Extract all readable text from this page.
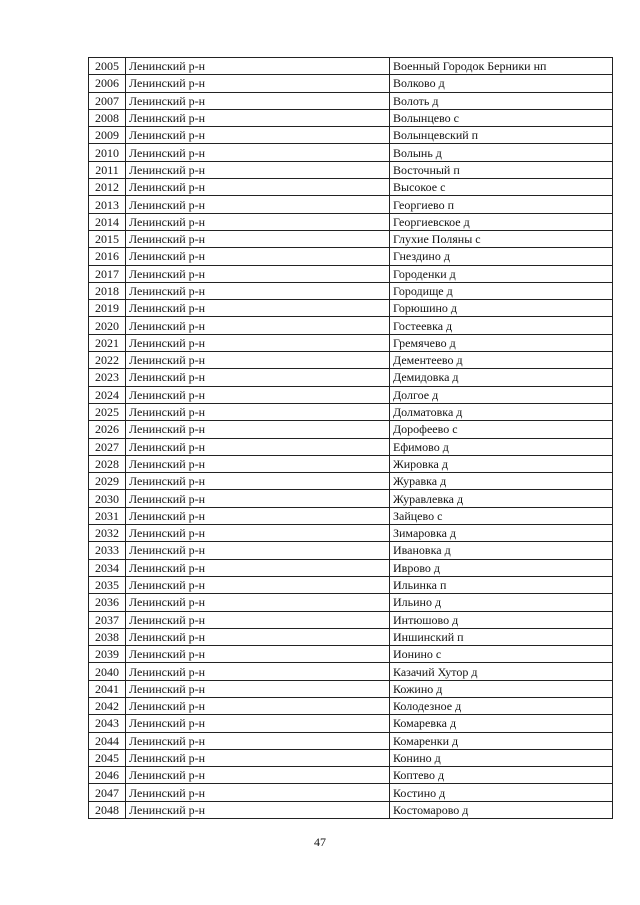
2005	Ленинский р-н	Военный Городок Берники нп
2006	Ленинский р-н	Волково д
2007	Ленинский р-н	Волоть д
2008	Ленинский р-н	Волынцево с
2009	Ленинский р-н	Волынцевский п
2010	Ленинский р-н	Волынь д
2011	Ленинский р-н	Восточный п
2012	Ленинский р-н	Высокое с
2013	Ленинский р-н	Георгиево п
2014	Ленинский р-н	Георгиевское д
2015	Ленинский р-н	Глухие Поляны с
2016	Ленинский р-н	Гнездино д
2017	Ленинский р-н	Городенки д
2018	Ленинский р-н	Городище д
2019	Ленинский р-н	Горюшино д
2020	Ленинский р-н	Гостеевка д
2021	Ленинский р-н	Гремячево д
2022	Ленинский р-н	Дементеево д
2023	Ленинский р-н	Демидовка д
2024	Ленинский р-н	Долгое д
2025	Ленинский р-н	Долматовка д
2026	Ленинский р-н	Дорофеево с
2027	Ленинский р-н	Ефимово д
2028	Ленинский р-н	Жировка д
2029	Ленинский р-н	Журавка д
2030	Ленинский р-н	Журавлевка д
2031	Ленинский р-н	Зайцево с
2032	Ленинский р-н	Зимаровка д
2033	Ленинский р-н	Ивановка д
2034	Ленинский р-н	Иврово д
2035	Ленинский р-н	Ильинка п
2036	Ленинский р-н	Ильино д
2037	Ленинский р-н	Интюшово д
2038	Ленинский р-н	Иншинский п
2039	Ленинский р-н	Ионино с
2040	Ленинский р-н	Казачий Хутор д
2041	Ленинский р-н	Кожино д
2042	Ленинский р-н	Колодезное д
2043	Ленинский р-н	Комаревка д
2044	Ленинский р-н	Комаренки д
2045	Ленинский р-н	Конино д
2046	Ленинский р-н	Коптево д
2047	Ленинский р-н	Костино д
2048	Ленинский р-н	Костомарово д
47
